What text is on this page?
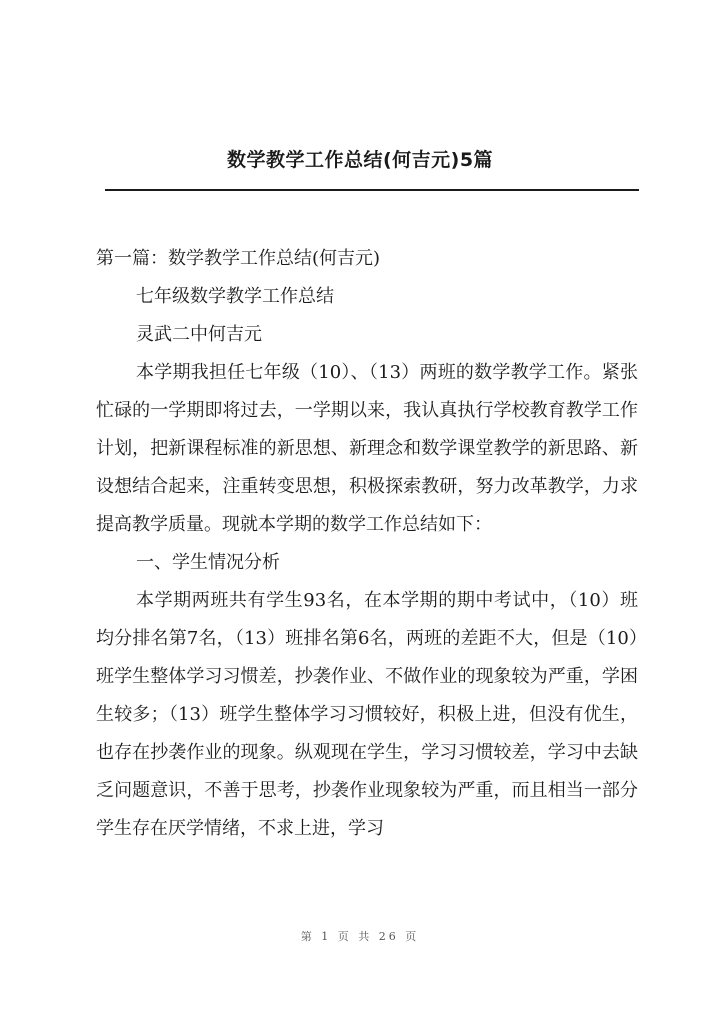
数学教学工作总结(何吉元)5篇

第一篇：数学教学工作总结(何吉元)

七年级数学教学工作总结

灵武二中何吉元

本学期我担任七年级（10）、（13）两班的数学教学工作。紧张忙碌的一学期即将过去，一学期以来，我认真执行学校教育教学工作计划，把新课程标准的新思想、新理念和数学课堂教学的新思路、新设想结合起来，注重转变思想，积极探索教研，努力改革教学，力求提高教学质量。现就本学期的数学工作总结如下：

一、学生情况分析

本学期两班共有学生93名，在本学期的期中考试中，（10）班均分排名第7名，（13）班排名第6名，两班的差距不大，但是（10）班学生整体学习习惯差，抄袭作业、不做作业的现象较为严重，学困生较多；（13）班学生整体学习习惯较好，积极上进，但没有优生，也存在抄袭作业的现象。纵观现在学生，学习习惯较差，学习中去缺乏问题意识，不善于思考，抄袭作业现象较为严重，而且相当一部分学生存在厌学情绪，不求上进，学习

第 1 页 共 26 页
